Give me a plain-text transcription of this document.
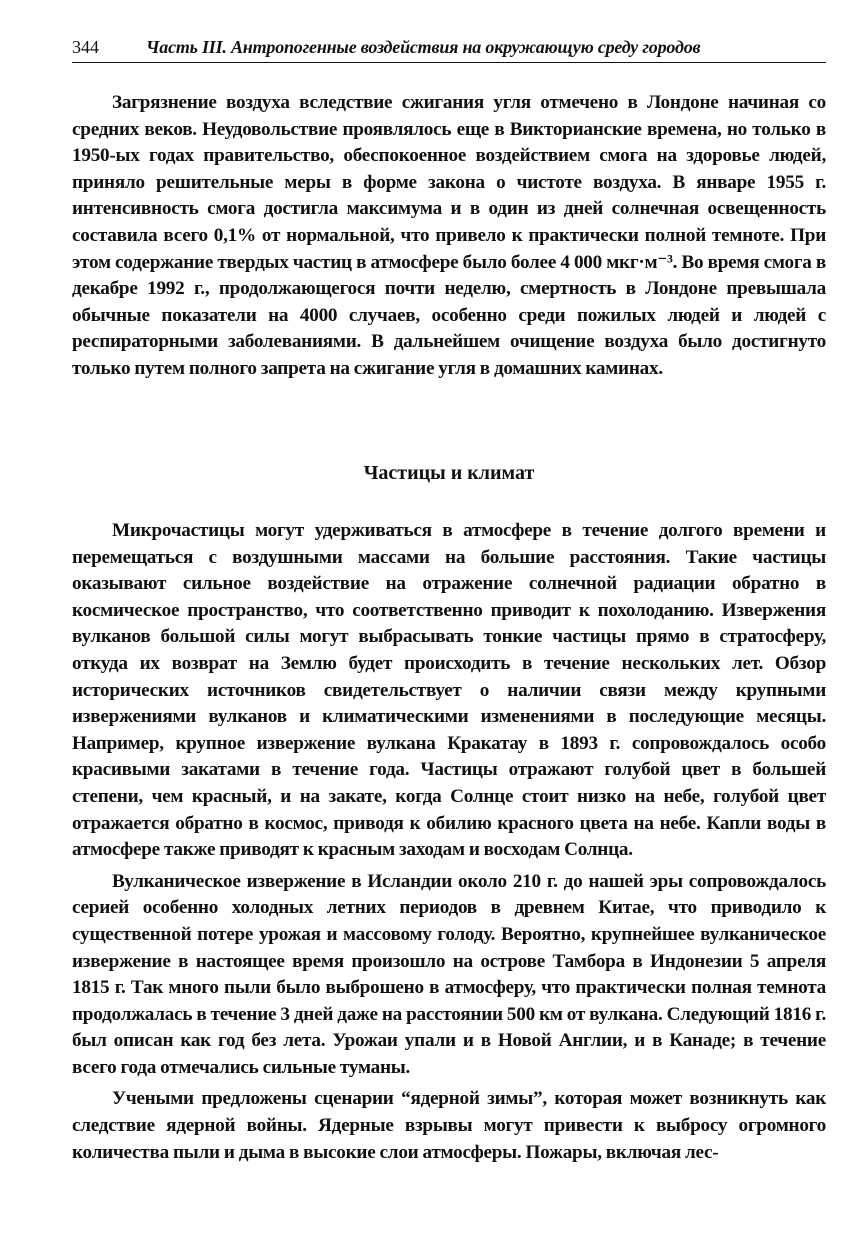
344	Часть III. Антропогенные воздействия на окружающую среду городов

Загрязнение воздуха вследствие сжигания угля отмечено в Лондоне начиная со средних веков. Неудовольствие проявлялось еще в Викторианские времена, но только в 1950-ых годах правительство, обеспокоенное воздействием смога на здоровье людей, приняло решительные меры в форме закона о чистоте воздуха. В январе 1955 г. интенсивность смога достигла максимума и в один из дней солнечная освещенность составила всего 0,1% от нормальной, что привело к практически полной темноте. При этом содержание твердых частиц в атмосфере было более 4 000 мкг·м⁻³. Во время смога в декабре 1992 г., продолжающегося почти неделю, смертность в Лондоне превышала обычные показатели на 4000 случаев, особенно среди пожилых людей и людей с респираторными заболеваниями. В дальнейшем очищение воздуха было достигнуто только путем полного запрета на сжигание угля в домашних каминах.

Частицы и климат

Микрочастицы могут удерживаться в атмосфере в течение долгого времени и перемещаться с воздушными массами на большие расстояния. Такие частицы оказывают сильное воздействие на отражение солнечной радиации обратно в космическое пространство, что соответственно приводит к похолоданию. Извержения вулканов большой силы могут выбрасывать тонкие частицы прямо в стратосферу, откуда их возврат на Землю будет происходить в течение нескольких лет. Обзор исторических источников свидетельствует о наличии связи между крупными извержениями вулканов и климатическими изменениями в последующие месяцы. Например, крупное извержение вулкана Кракатау в 1893 г. сопровождалось особо красивыми закатами в течение года. Частицы отражают голубой цвет в большей степени, чем красный, и на закате, когда Солнце стоит низко на небе, голубой цвет отражается обратно в космос, приводя к обилию красного цвета на небе. Капли воды в атмосфере также приводят к красным заходам и восходам Солнца.

Вулканическое извержение в Исландии около 210 г. до нашей эры сопровождалось серией особенно холодных летних периодов в древнем Китае, что приводило к существенной потере урожая и массовому голоду. Вероятно, крупнейшее вулканическое извержение в настоящее время произошло на острове Тамбора в Индонезии 5 апреля 1815 г. Так много пыли было выброшено в атмосферу, что практически полная темнота продолжалась в течение 3 дней даже на расстоянии 500 км от вулкана. Следующий 1816 г. был описан как год без лета. Урожаи упали и в Новой Англии, и в Канаде; в течение всего года отмечались сильные туманы.

Учеными предложены сценарии “ядерной зимы”, которая может возникнуть как следствие ядерной войны. Ядерные взрывы могут привести к выбросу огромного количества пыли и дыма в высокие слои атмосферы. Пожары, включая лес-
